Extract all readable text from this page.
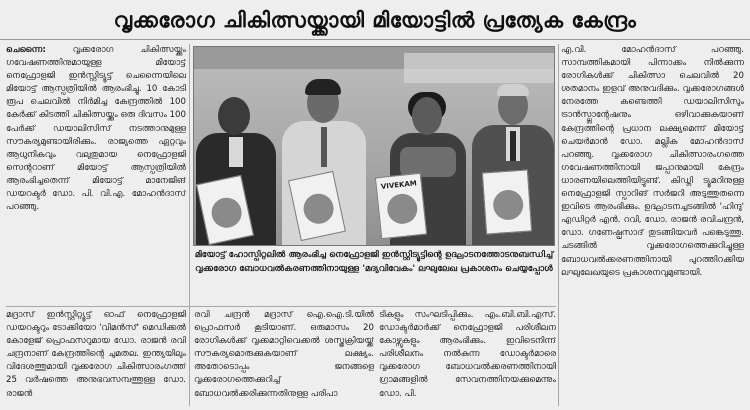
വൃക്കരോഗ ചികിത്സയ്ക്കായി മിയോട്ടിൽ പ്രത്യേക കേന്ദ്രം

ചെന്നൈ:	വൃക്കരോഗ ചികിത്സയ്ക്കും ഗവേഷണത്തിനുമായുള്ള മിയോട്ട് നെഫ്രോളജി ഇൻസ്റ്റിട്യൂട്ട് ചെന്നൈയിലെ മിയോട്ട് ആസ്പത്രിയിൽ ആരംഭിച്ചു. 10 കോടി രൂപ ചെലവിൽ നിർമിച്ച കേന്ദ്രത്തിൽ 100 കേർക്ക് കിടത്തി ചികിത്സയ്ക്കും ഒരു ദിവസം 100 പേർക്ക് ഡയാലിസിസ് നടത്താനുമുള്ള സൗകര്യമുണ്ടായിരിക്കും. രാജ്യത്തെ ഏറ്റവും ആധുനികവും വലുതുമായ നെഫ്രോളജി സെന്ററാണ് മിയോട്ട് ആസ്പത്രിയിൽ ആരംഭിച്ചതെന്ന് മിയോട്ട് മാനേജിങ് ഡയറക്ടർ ഡോ. പി. വി.എ. മോഹൻദാസ് പറഞ്ഞു.

VIVEKAM
മിയോട്ട് ഹോസ്പിറ്റലിൽ ആരംഭിച്ച നെഫ്രോളജി ഇൻസ്റ്റിട്യൂട്ടിന്റെ ഉദ്ഘാടനത്തോടനുബന്ധിച്ച് വൃക്കരോഗ ബോധവൽകരണത്തിനായുള്ള 'മദ്യവിവേകം' ലഘുലേഖ പ്രകാശനം ചെയ്യപ്പോൾ

എ.വി. മോഹൻദാസ് പറഞ്ഞു. സാമ്പത്തികമായി പിന്നാക്കം നിൽക്കുന്ന രോഗികൾക്ക് ചികിത്സാ ചെലവിൽ 20 ശതമാനം ഇളവ് അനുവദിക്കും. വൃക്കരോഗങ്ങൾ നേരത്തേ കണ്ടെത്തി ഡയാലിസിസും ട്രാൻസ്പ്ലാന്റേഷനും ഒഴിവാക്കുകയാണ് കേന്ദ്രത്തിന്റെ പ്രധാന ലക്ഷ്യമെന്ന് മിയോട്ട് ചെയർമാൻ ഡോ. മല്ലിക മോഹൻദാസ് പറഞ്ഞു. വൃക്കരോഗ ചികിത്സാരംഗത്തെ ഗവേഷണത്തിനായി ജപ്പാനുമായി കേന്ദ്രം ധാരണയിലെത്തിയിട്ടുണ്ട്. കിഡ്നി ട്യൂമറിനുള്ള നെഫ്രോളജി സ്പാറിങ് സർജറി അടുത്തുതന്നെ ഇവിടെ ആരംഭിക്കും. ഉദ്ഘാടനച്ചടങ്ങിൽ 'ഹിന്ദു' എഡിറ്റർ എൻ. റവി, ഡോ. രാജൻ രവിചന്ദ്രൻ, ഡോ. ഗണേഷ്പ്രസാദ് തുടങ്ങിയവർ പങ്കെടുത്തു. ചടങ്ങിൽ വൃക്കരോഗത്തെക്കുറിച്ചുള്ള ബോധവൽക്കരണത്തിനായി പുറത്തിറക്കിയ ലഘുലേഖയുടെ പ്രകാശനവുമുണ്ടായി.

മദ്രാസ് ഇൻസ്റ്റിറ്റ്യൂട്ട് ഓഫ് നെഫ്രോളജി ഡയറക്ടറും ടോക്കിയോ 'വിമൻസ്' മെഡിക്കൽ കോളേജ് പ്രൊഫസറുമായ ഡോ. രാജൻ രവി ചന്ദ്രനാണ് കേന്ദ്രത്തിന്റെ ചുമതല. ഇന്ത്യയിലും വിദേശത്തുമായി വൃക്കരോഗ ചികിത്സാരംഗത്ത് 25 വർഷത്തെ അനുഭവസമ്പത്തുള്ള ഡോ. രാജൻ

രവി ചന്ദ്രൻ മദ്രാസ് ഐ.ഐ.ടി.യിൽ പ്രൊഫസർ കൂടിയാണ്. ഒരുമാസം 20 രോഗികൾക്ക് വൃക്കമാറ്റിവെക്കൽ ശസ്ത്രക്രിയയ്ക്ക് സൗകര്യമൊരുക്കുകയാണ് ലക്ഷ്യം. അതോടൊപ്പം ജനങ്ങളെ വൃക്കരോഗത്തെക്കുറിച്ച് ബോധവൽക്കരിക്കുന്നതിനുള്ള പരിപാ

ടികളും സംഘടിപ്പിക്കും. എം.ബി.ബി.എസ്. ഡോക്ടർമാർക്ക് നെഫ്രോളജി പരിശീലന കോഴ്സുകളും ആരംഭിക്കും. ഇവിടെനിന്ന് പരിശീലനം നൽകുന്ന ഡോക്ടർമാരെ വൃക്കരോഗ ബോധവൽക്കരണത്തിനായി ഗ്രാമങ്ങളിൽ സേവനത്തിനയക്കുമെന്നും ഡോ. പി.
